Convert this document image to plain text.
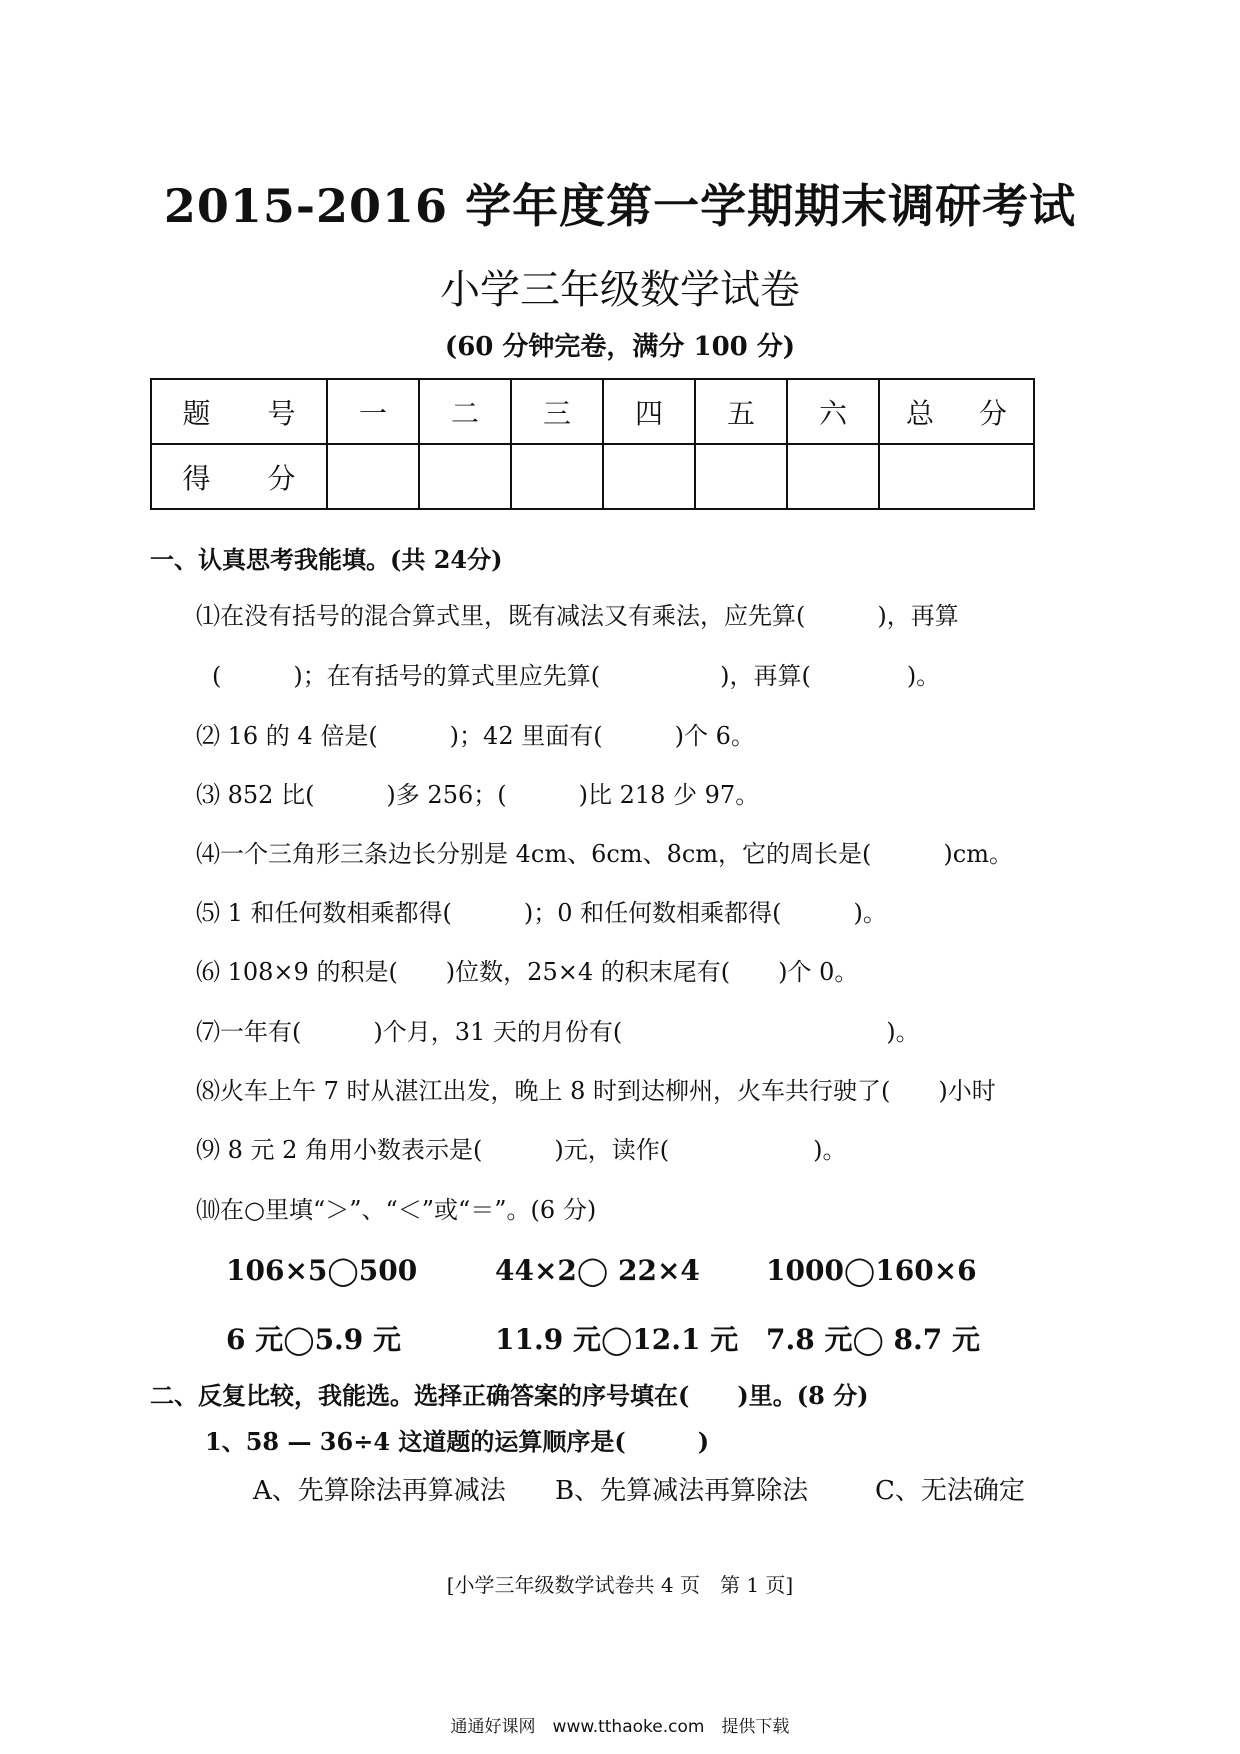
2015-2016 学年度第一学期期末调研考试
小学三年级数学试卷
(60 分钟完卷，满分 100 分)
题 号	一	二	三	四	五	六	总 分
得 分							
一、认真思考我能填。(共 24分)
⑴在没有括号的混合算式里，既有减法又有乘法，应先算(　　　)，再算
(　　　)；在有括号的算式里应先算(　　　　　)，再算(　　　　)。
⑵ 16 的 4 倍是(　　　)；42 里面有(　　　)个 6。
⑶ 852 比(　　　)多 256；(　　　)比 218 少 97。
⑷一个三角形三条边长分别是 4cm、6cm、8cm，它的周长是(　　　)cm。
⑸ 1 和任何数相乘都得(　　　)；0 和任何数相乘都得(　　　)。
⑹ 108×9 的积是(　　)位数，25×4 的积末尾有(　　)个 0。
⑺一年有(　　　)个月，31 天的月份有(　　　　　　　　　　　)。
⑻火车上午 7 时从湛江出发，晚上 8 时到达柳州，火车共行驶了(　　)小时
⑼ 8 元 2 角用小数表示是(　　　)元，读作(　　　　　　)。
⑽在○里填“＞”、“＜”或“＝”。(6 分)
106×5◯500	44×2◯ 22×4 1000◯160×6
6 元◯5.9 元	11.9 元◯12.1 元 7.8 元◯ 8.7 元
二、反复比较，我能选。选择正确答案的序号填在(　　)里。(8 分)
1、58 — 36÷4 这道题的运算顺序是(　　　)
A、先算除法再算减法 B、先算减法再算除法	C、无法确定
[小学三年级数学试卷共 4 页　第 1 页]
通通好课网　www.tthaoke.com　提供下载
